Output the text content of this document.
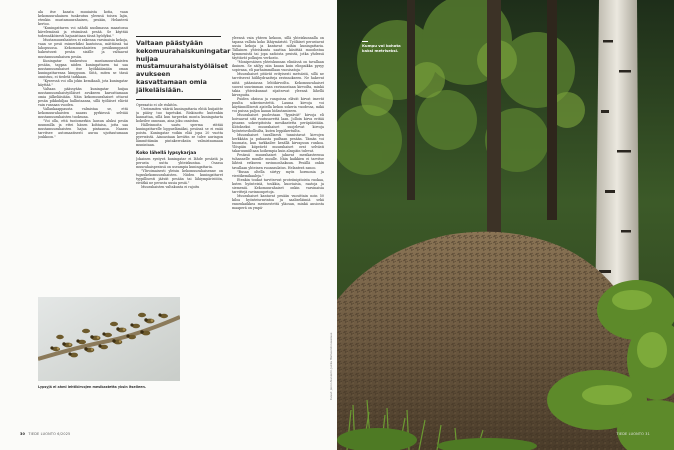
ala itse kasata muuiaista kotia, vaan kekomuurahainen tunkeutuu yleensä toisen lajin, etenkin mustamuurahaisen, pesään, Helanterä kertoo.

"Kuningattaren voi nähdä nuolimassa maastossa kävelemässä ja etsimässä pesää. Se käyttää todennäköisesti hajuaistiaan tässä hyödyksi."

Mustamuurahaisten ei rakenna varsinaisia kekoja, vaan se pesii esimerkiksi kantoissa, mättäissä tai lahopuussa. Kekomuurahaisten pesäkumppanit hakeutuvat pesän sisälle ja valtaavat mustamuurahaisen pesän.

Kuningatar tunkeutuu mustamuurahaisten pesään, tappaa niiden kuningattaren tai saa mustamuurahaiset itse hyökkäämään oman kuningattarensa kimppuun. Siitä, miten se tässä onnistuu, ei tiedetä tarkkaan.

"Kyseessä voi olla jokin kemikaali, jota kuningatar käyttää."

Valtaan päässyään kuningatar huijaa mustamuurahaistyöläiset avukseen kasvattamaan omia jälkeläisiään. Näin kekomuurahaiset ottavat pesän pikkuhiljaa hallintaansa, sillä työläiset elävät vain runsaan vuoden.

Vallankaappausta valmistaa se, että kekomuurahaisten naaras pyrkiessä selviää mustamuurahaisten tuoksuna.

"Voi olla, että tuntomerkin lausun aluksi pesän mummilla ja ettei hänen kohtaisa, jotta saa mustamuurahaisten hajua pintaansa. Naaras tarvitsee automaatisesti aurua ujuttautumaan joukkoon."

Valtaan päästyään kekomuurahaiskuningatar huijaa mustamuurahaistyöläiset avukseen kasvattamaan omia jälkeläisiään.

Operaatio ei ole riskitön.

Useimmiten vääriä kuningattaria ehtiä huijaiitte ja pääsy tuo tapetuksi. Riskinotto kuitenkin kannattaa, sillä kun tarpeeksi monta kuningatarta kokeilee onneaan, aina joku onnistuu.

Hälleinnoita saatu sperma riittää kuningattarelle loppuelämäksi, pesässä se ei enää poistu. Kuningatar voikin elää jopa 20 vuotta pyrewästä. Ainoastaan kevätin se tulee auringon lämmittämän pintakerroksiin valmistaumaan munintaan.

Koko lähellä lypsykarjaa

Jokainen syntyvä kuningatar ei lähde pesästä ja perusta uutta yhteiskuntaa. Osassa muurahaispesissä on useampia kuningattaria.

"Ylivoimaisesti yleisin kekomuurahaisenne on tupsukekomuurahaisten. Niiden kuningattaret tyypillisesti jäävät pesään tai lähiympäristöön, eivätkä ne perusta uusia pesiä."

Muurahaisten valtakunta ei rajoitu

Lypsyjä ei ahmi lehtikirvojen mesikastetta yksin itselleen.	Kuvat: Jenni Alaniemi, Jukka Hämeenlinnaselaus
30 TIEDE LUONTO 6/2025
Kumpu voi kohota kaksi metriseksi.
TIEDE LUONTO 31

yleensä vain yhteen kekoon, sillä yhteiskunnalla on tapana vallata koko lähiymäristö. Työläiset perustavat uusia kekoja ja kantavat niihin kuningattaria. Tällainen yhteiskunta saattaa käsittää muodostua kymmenistä tai jopa sadoista pesistä, jotka yhdessä täyttävät polkujen verkosto.

"Monipesäisen yhteiskunnan eliniässä on tavallaan ikuinen. Se säilyy niin kauan kuin elinpaikka pysyy sopivana, eli parhaimmillaan vuosisatoja."

Muurahaiset pitävät erityisesti metsästä, sillä ne tarvitsevat hiilihydraatteja ravinnokseen. Ne hakevat niitä pääasiassa lehtikirvoilta. Kekomuurahaiset suovat suurimman osan ravinnostaan kirvoilta, minkä takia yhteiskunnat sijaitsevat yleensä lähellä kirvapuita.

Puiden oksissa ja rungoissa elävät kirvat imevät puulta sokerinestettä. Lauma kirvoja voi käytännöllisesti ajatella kekon sokeria vuodessa, mikä voi puissa paljon kauan hidastamiseen.

Muurahaiset puolestaan "lypsävät" kirvoja eli hoivaavat sitä ruutusavettä laan. Jolloin kirva eritää pisaran sokeripitoista mesikastetta peräpäästään. Kiitokseksi muurahaiset suojelevat kirvoja hyönteisvihollisilta, kuten leppäkertuilta.

Muurahaiset tavallisesti tunnistavat kirvojen herkkään ja puhaasta puiltaan pesään. Tämän voi huomata, kun tarkkailee kesällä kirvapuun runkoa. Ylöspäin kiipeävät muurahaiset ovat selvästi takaruumiiltaan hoikempia kuin alaspäin tulevat.

Pesässä muurahaiset jakavat mesikasteensa tuhannelle muulle muulle. Näin kaikkien ei tarvitse lähteä erikseen ravinnonhakuun. Pesällä onkin tavallaan yhteinen ruoansulatus. Helanterä sanoo.

"Busan oltella siirtyy myös hormonia ja viestikemikaaleja."

Etenkin toukat tarvitsevat proteiinipitoista ruokaa, kuten hyönteisiä, toukkia, kuoriaisia, raatoja ja siemeniä. Kekomuurahaiset onkin varsinaisia tarvittejä ravinnonpetoja.

Muurahaiset kantavat pesään vuosittain noin 50 kiloa hyönteisravintoa ja saaliseläimiä sekä ennenkaikkea mesinestettä yläosan, minkä ansiosta maaperä on ympä-
